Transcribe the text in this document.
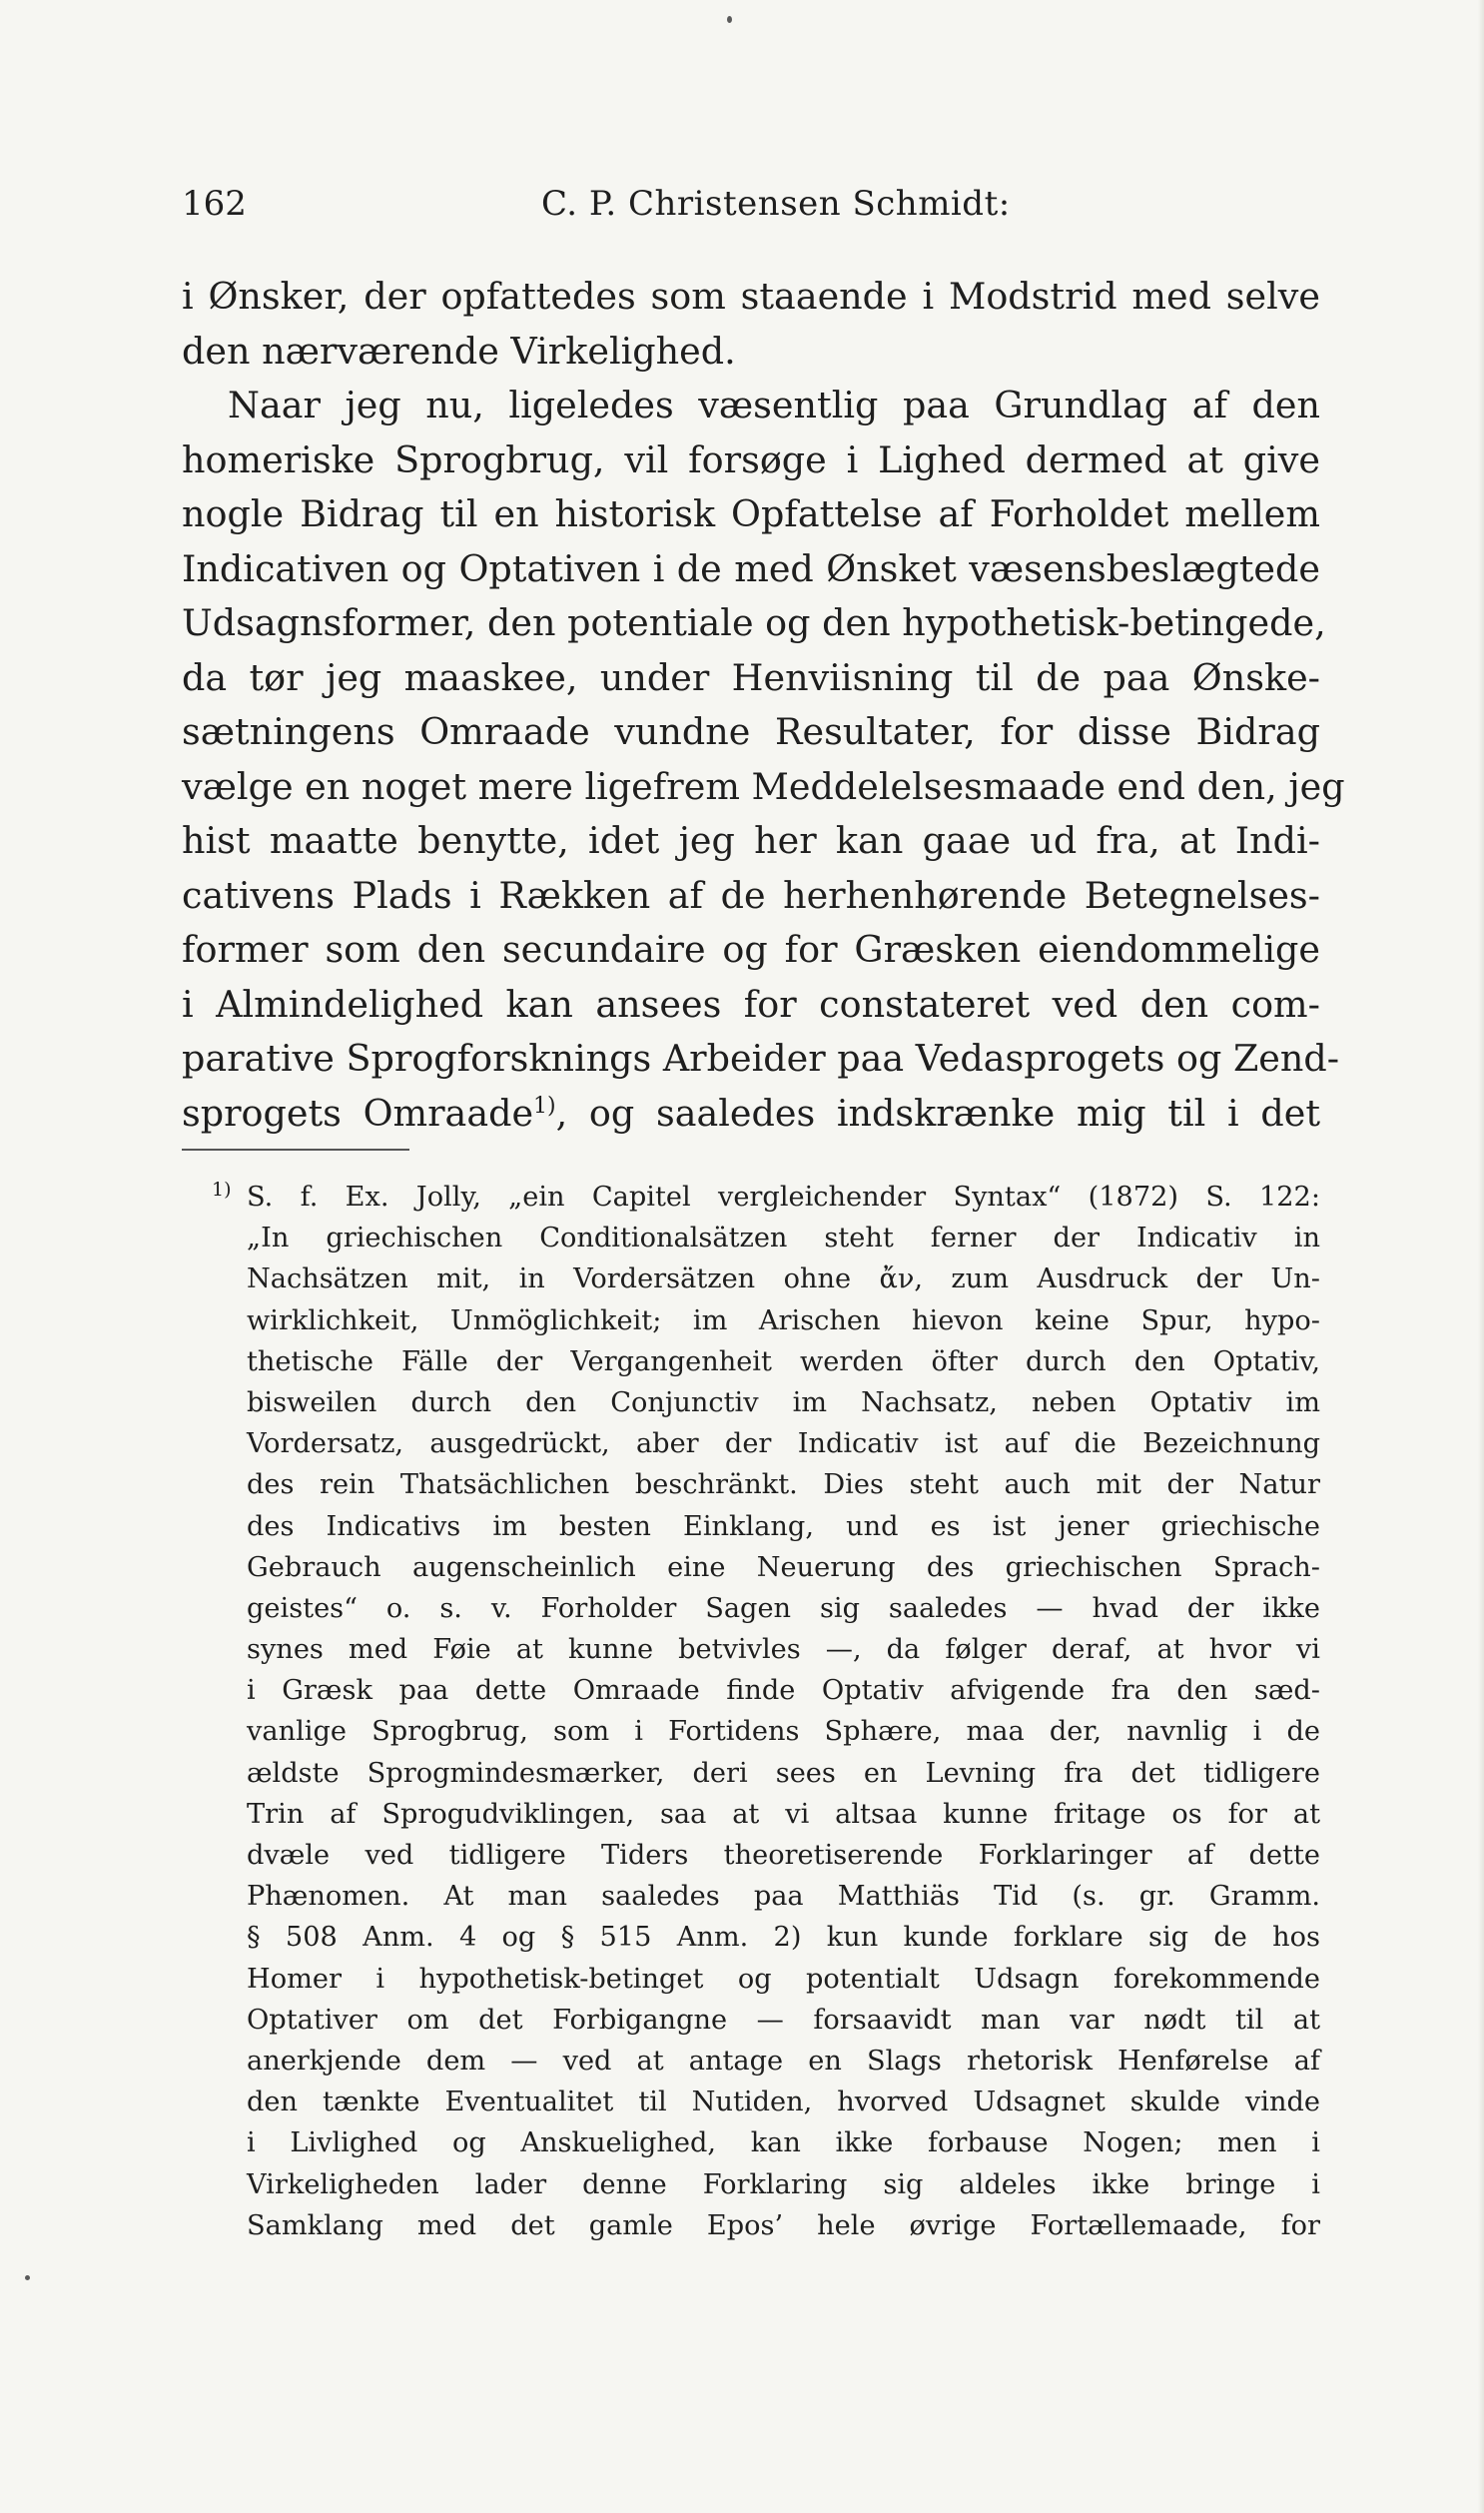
162	C. P. Christensen Schmidt:
i Ønsker, der opfattedes som staaende i Modstrid med selve
den nærværende Virkelighed.
Naar jeg nu, ligeledes væsentlig paa Grundlag af den
homeriske Sprogbrug, vil forsøge i Lighed dermed at give
nogle Bidrag til en historisk Opfattelse af Forholdet mellem
Indicativen og Optativen i de med Ønsket væsensbeslægtede
Udsagnsformer, den potentiale og den hypothetisk-betingede,
da tør jeg maaskee, under Henviisning til de paa Ønske-
sætningens Omraade vundne Resultater, for disse Bidrag
vælge en noget mere ligefrem Meddelelsesmaade end den, jeg
hist maatte benytte, idet jeg her kan gaae ud fra, at Indi-
cativens Plads i Rækken af de herhenhørende Betegnelses-
former som den secundaire og for Græsken eiendommelige
i Almindelighed kan ansees for constateret ved den com-
parative Sprogforsknings Arbeider paa Vedasprogets og Zend-
sprogets Omraade$^{1)}$, og saaledes indskrænke mig til i det
1) S. f. Ex. Jolly, „ein Capitel vergleichender Syntax“ (1872) S. 122:
„In griechischen Conditionalsätzen steht ferner der Indicativ in
Nachsätzen mit, in Vordersätzen ohne ἄν, zum Ausdruck der Un-
wirklichkeit, Unmöglichkeit; im Arischen hievon keine Spur, hypo-
thetische Fälle der Vergangenheit werden öfter durch den Optativ,
bisweilen durch den Conjunctiv im Nachsatz, neben Optativ im
Vordersatz, ausgedrückt, aber der Indicativ ist auf die Bezeichnung
des rein Thatsächlichen beschränkt. Dies steht auch mit der Natur
des Indicativs im besten Einklang, und es ist jener griechische
Gebrauch augenscheinlich eine Neuerung des griechischen Sprach-
geistes“ o. s. v. Forholder Sagen sig saaledes — hvad der ikke
synes med Føie at kunne betvivles —, da følger deraf, at hvor vi
i Græsk paa dette Omraade finde Optativ afvigende fra den sæd-
vanlige Sprogbrug, som i Fortidens Sphære, maa der, navnlig i de
ældste Sprogmindesmærker, deri sees en Levning fra det tidligere
Trin af Sprogudviklingen, saa at vi altsaa kunne fritage os for at
dvæle ved tidligere Tiders theoretiserende Forklaringer af dette
Phænomen. At man saaledes paa Matthiäs Tid (s. gr. Gramm.
§ 508 Anm. 4 og § 515 Anm. 2) kun kunde forklare sig de hos
Homer i hypothetisk-betinget og potentialt Udsagn forekommende
Optativer om det Forbigangne — forsaavidt man var nødt til at
anerkjende dem — ved at antage en Slags rhetorisk Henførelse af
den tænkte Eventualitet til Nutiden, hvorved Udsagnet skulde vinde
i Livlighed og Anskuelighed, kan ikke forbause Nogen; men i
Virkeligheden lader denne Forklaring sig aldeles ikke bringe i
Samklang med det gamle Epos’ hele øvrige Fortællemaade, for
